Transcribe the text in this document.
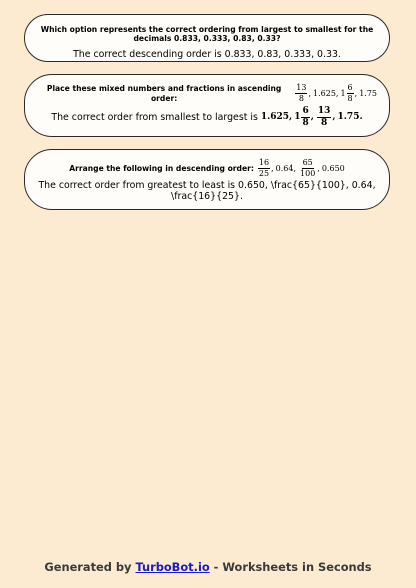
Which option represents the correct ordering from largest to smallest for the decimals 0.833, 0.333, 0.83, 0.33?
The correct descending order is 0.833, 0.83, 0.333, 0.33.
Place these mixed numbers and fractions in ascending order:	$\frac{13}{8}$ , 1.625 , $1 \frac{6}{8}$ , 1.75
The correct order from smallest to largest is 1.625 , $1 \frac{6}{8}$ , $\frac{13}{8}$ , 1.75 .
Arrange the following in descending order: $\frac{16}{25}$ , 0.64 , $\frac{65}{100}$ , 0.650
The correct order from greatest to least is 0.650, \frac{65}{100}, 0.64, \frac{16}{25}.
Generated by TurboBot.io - Worksheets in Seconds
